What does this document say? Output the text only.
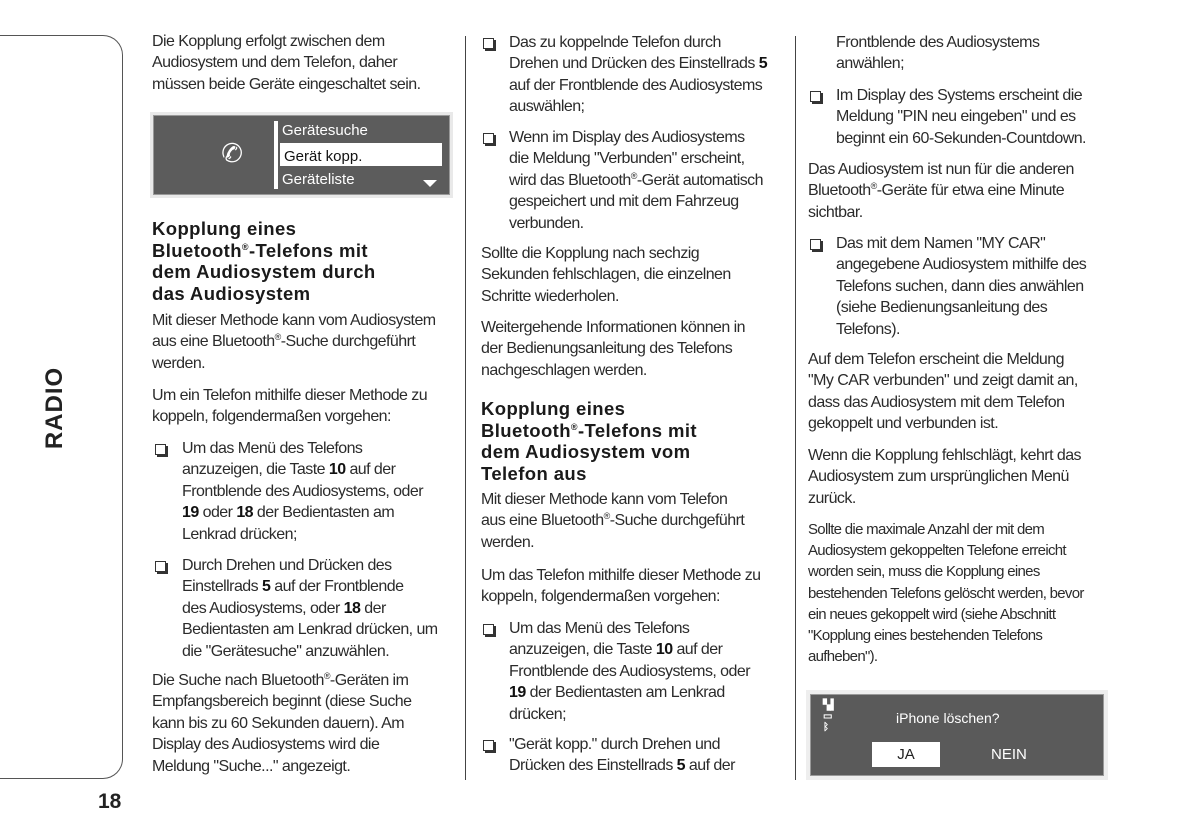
RADIO
18
Die Kopplung erfolgt zwischen dem
Audiosystem und dem Telefon, daher
müssen beide Geräte eingeschaltet sein.
✆
Gerätesuche
Gerät kopp.
Geräteliste
Kopplung eines
Bluetooth®-Telefons mit
dem Audiosystem durch
das Audiosystem
Mit dieser Methode kann vom Audiosystem
aus eine Bluetooth®-Suche durchgeführt
werden.
Um ein Telefon mithilfe dieser Methode zu
koppeln, folgendermaßen vorgehen:
Um das Menü des Telefons
anzuzeigen, die Taste 10 auf der
Frontblende des Audiosystems, oder
19 oder 18 der Bedientasten am
Lenkrad drücken;
Durch Drehen und Drücken des
Einstellrads 5 auf der Frontblende
des Audiosystems, oder 18 der
Bedientasten am Lenkrad drücken, um
die "Gerätesuche" anzuwählen.
Die Suche nach Bluetooth®-Geräten im
Empfangsbereich beginnt (diese Suche
kann bis zu 60 Sekunden dauern). Am
Display des Audiosystems wird die
Meldung "Suche..." angezeigt.
Das zu koppelnde Telefon durch
Drehen und Drücken des Einstellrads 5
auf der Frontblende des Audiosystems
auswählen;
Wenn im Display des Audiosystems
die Meldung "Verbunden" erscheint,
wird das Bluetooth®-Gerät automatisch
gespeichert und mit dem Fahrzeug
verbunden.
Sollte die Kopplung nach sechzig
Sekunden fehlschlagen, die einzelnen
Schritte wiederholen.
Weitergehende Informationen können in
der Bedienungsanleitung des Telefons
nachgeschlagen werden.
Kopplung eines
Bluetooth®-Telefons mit
dem Audiosystem vom
Telefon aus
Mit dieser Methode kann vom Telefon
aus eine Bluetooth®-Suche durchgeführt
werden.
Um das Telefon mithilfe dieser Methode zu
koppeln, folgendermaßen vorgehen:
Um das Menü des Telefons
anzuzeigen, die Taste 10 auf der
Frontblende des Audiosystems, oder
19 der Bedientasten am Lenkrad
drücken;
"Gerät kopp." durch Drehen und
Drücken des Einstellrads 5 auf der
Frontblende des Audiosystems
anwählen;
Im Display des Systems erscheint die
Meldung "PIN neu eingeben" und es
beginnt ein 60-Sekunden-Countdown.
Das Audiosystem ist nun für die anderen
Bluetooth®-Geräte für etwa eine Minute
sichtbar.
Das mit dem Namen "MY CAR"
angegebene Audiosystem mithilfe des
Telefons suchen, dann dies anwählen
(siehe Bedienungsanleitung des
Telefons).
Auf dem Telefon erscheint die Meldung
"My CAR verbunden" und zeigt damit an,
dass das Audiosystem mit dem Telefon
gekoppelt und verbunden ist.
Wenn die Kopplung fehlschlägt, kehrt das
Audiosystem zum ursprünglichen Menü
zurück.
Sollte die maximale Anzahl der mit dem
Audiosystem gekoppelten Telefone erreicht
worden sein, muss die Kopplung eines
bestehenden Telefons gelöscht werden, bevor
ein neues gekoppelt wird (siehe Abschnitt
"Kopplung eines bestehenden Telefons
aufheben").
▚▍
▭
ᛒ
iPhone löschen?
JA	NEIN
